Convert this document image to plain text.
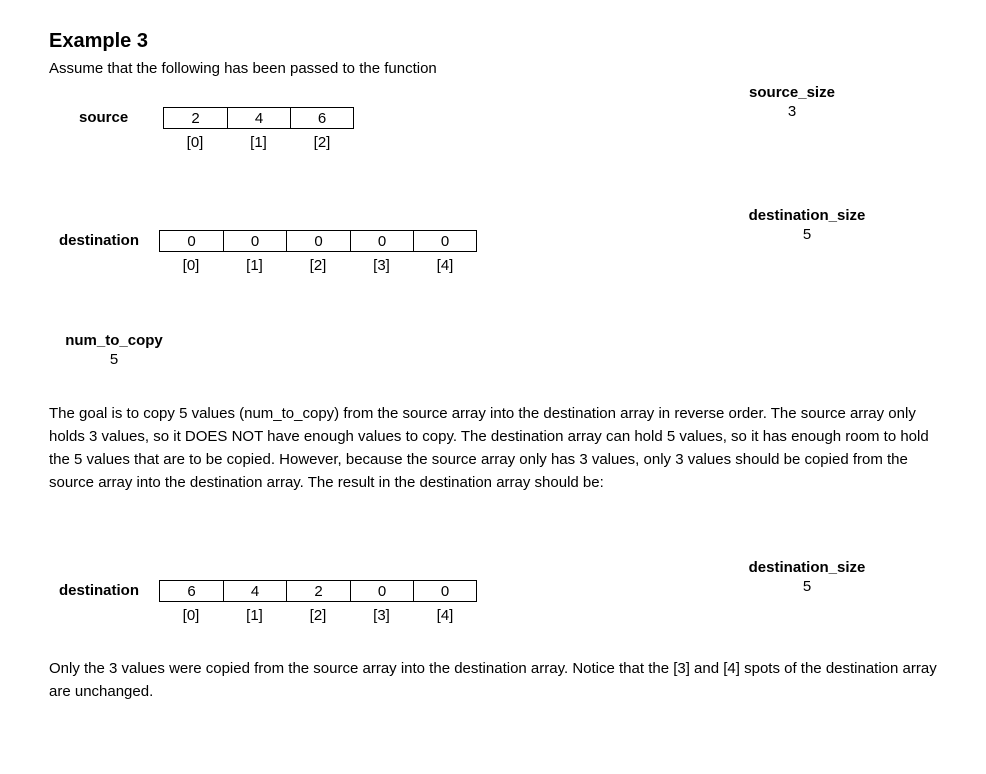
Example 3
Assume that the following has been passed to the function
source	2	4	6
[0]	[1]	[2]
source_size
3
destination	0	0	0	0	0
[0]	[1]	[2]	[3]	[4]
destination_size
5
num_to_copy
5
The goal is to copy 5 values (num_to_copy) from the source array into the destination array in reverse order. The source array only holds 3 values, so it DOES NOT have enough values to copy. The destination array can hold 5 values, so it has enough room to hold the 5 values that are to be copied. However, because the source array only has 3 values, only 3 values should be copied from the source array into the destination array. The result in the destination array should be:
destination	6	4	2	0	0
[0]	[1]	[2]	[3]	[4]
destination_size
5
Only the 3 values were copied from the source array into the destination array. Notice that the [3] and [4] spots of the destination array are unchanged.
